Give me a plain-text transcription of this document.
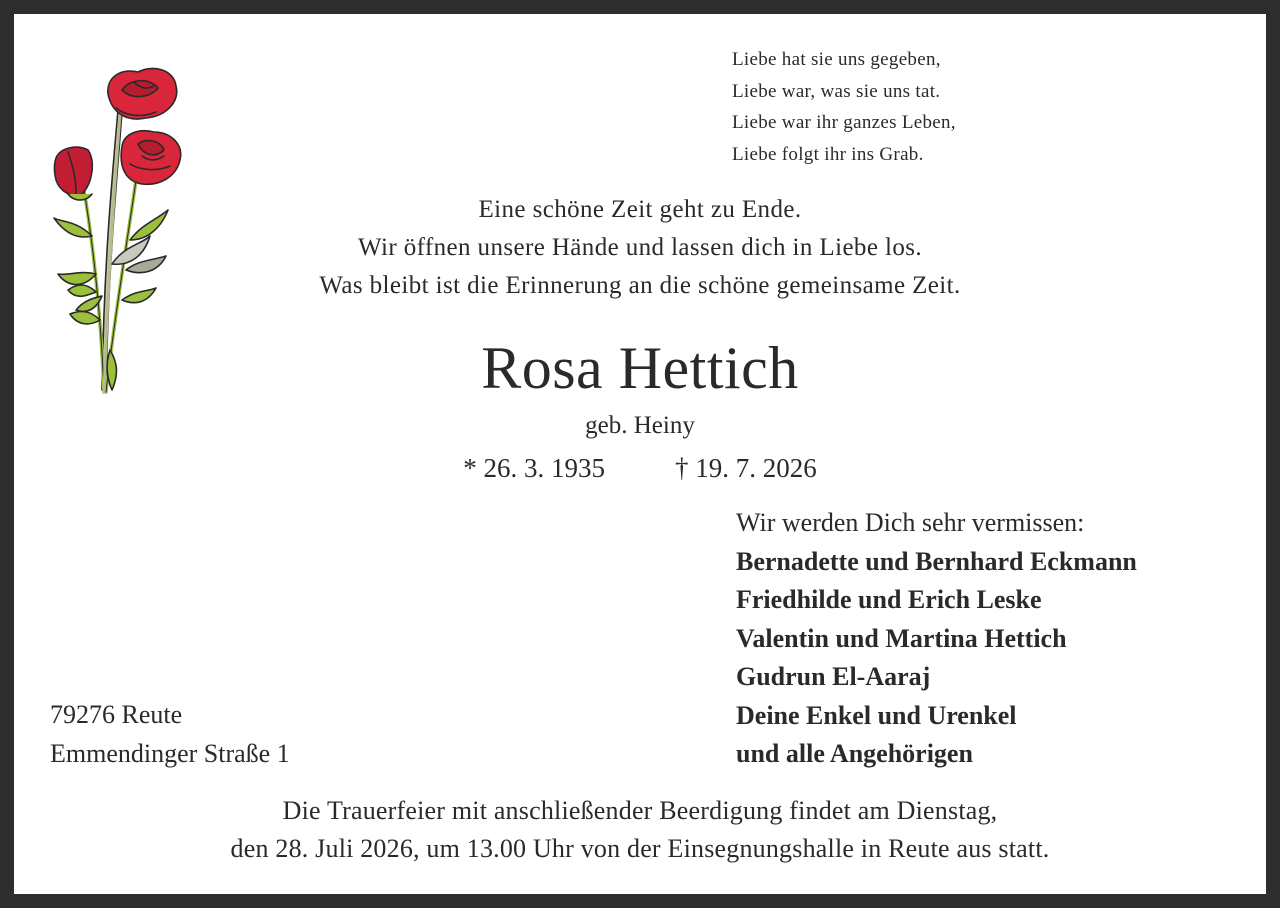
Liebe hat sie uns gegeben,
Liebe war, was sie uns tat.
Liebe war ihr ganzes Leben,
Liebe folgt ihr ins Grab.
Eine schöne Zeit geht zu Ende.
Wir öffnen unsere Hände und lassen dich in Liebe los.
Was bleibt ist die Erinnerung an die schöne gemeinsame Zeit.
Rosa Hettich
geb. Heiny
* 26. 3. 1935	† 19. 7. 2026
Wir werden Dich sehr vermissen:
Bernadette und Bernhard Eckmann
Friedhilde und Erich Leske
Valentin und Martina Hettich
Gudrun El-Aaraj
Deine Enkel und Urenkel
und alle Angehörigen
79276 Reute
Emmendinger Straße 1
Die Trauerfeier mit anschließender Beerdigung findet am Dienstag,
den 28. Juli 2026, um 13.00 Uhr von der Einsegnungshalle in Reute aus statt.
